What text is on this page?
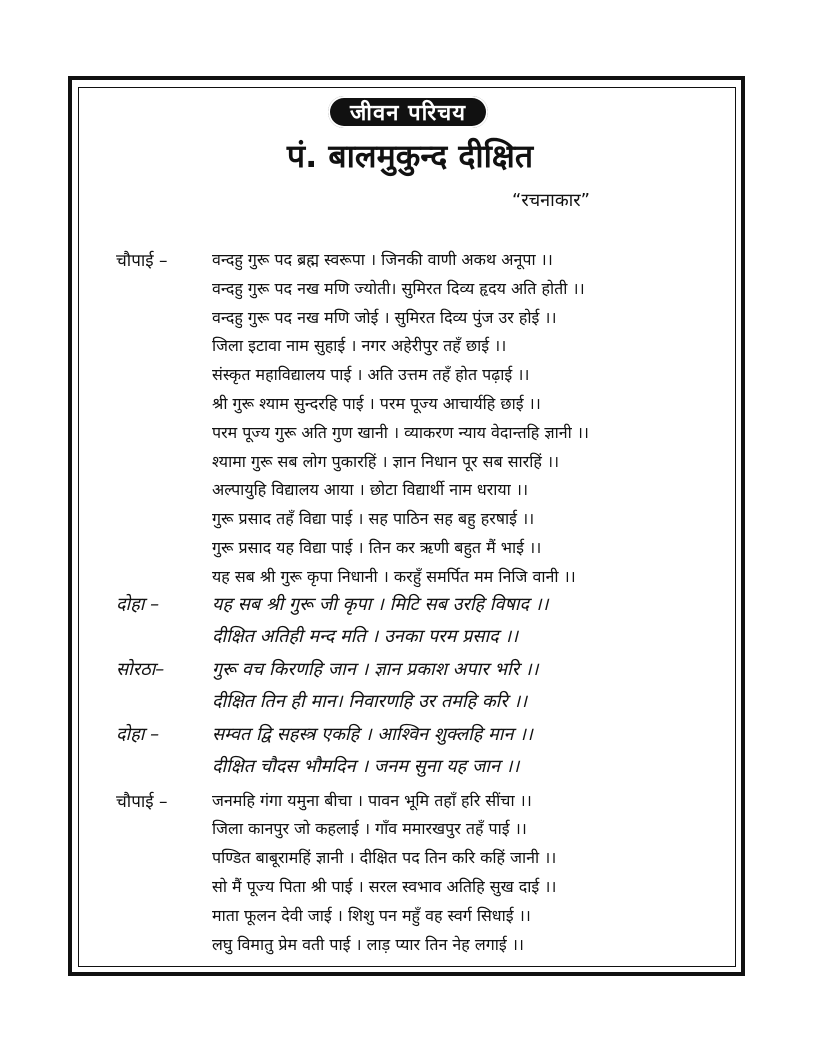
जीवन परिचय
पं. बालमुकुन्द दीक्षित
“रचनाकार”
चौपाई –	वन्दहु गुरू पद ब्रह्म स्वरूपा । जिनकी वाणी अकथ अनूपा ।।
वन्दहु गुरू पद नख मणि ज्योती। सुमिरत दिव्य हृदय अति होती ।।
वन्दहु गुरू पद नख मणि जोई । सुमिरत दिव्य पुंज उर होई ।।
जिला इटावा नाम सुहाई । नगर अहेरीपुर तहँ छाई ।।
संस्कृत महाविद्यालय पाई । अति उत्तम तहँ होत पढ़ाई ।।
श्री गुरू श्याम सुन्दरहि पाई । परम पूज्य आचार्यहि छाई ।।
परम पूज्य गुरू अति गुण खानी । व्याकरण न्याय वेदान्तहि ज्ञानी ।।
श्यामा गुरू सब लोग पुकारहिं । ज्ञान निधान पूर सब सारहिं ।।
अल्पायुहि विद्यालय आया । छोटा विद्यार्थी नाम धराया ।।
गुरू प्रसाद तहँ विद्या पाई । सह पाठिन सह बहु हरषाई ।।
गुरू प्रसाद यह विद्या पाई । तिन कर ऋणी बहुत मैं भाई ।।
यह सब श्री गुरू कृपा निधानी । करहुँ समर्पित मम निजि वानी ।।
दोहा –	यह सब श्री गुरू जी कृपा । मिटि सब उरहि विषाद ।।
दीक्षित अतिही मन्द मति । उनका परम प्रसाद ।।
सोरठा–	गुरू वच किरणहि जान । ज्ञान प्रकाश अपार भरि ।।
दीक्षित तिन ही मान। निवारणहि उर तमहि करि ।।
दोहा –	सम्वत द्वि सहस्त्र एकहि । आश्विन शुक्लहि मान ।।
दीक्षित चौदस भौमदिन । जनम सुना यह जान ।।
चौपाई –	जनमहि गंगा यमुना बीचा । पावन भूमि तहाँ हरि सींचा ।।
जिला कानपुर जो कहलाई । गाँव ममारखपुर तहँ पाई ।।
पण्डित बाबूरामहिं ज्ञानी । दीक्षित पद तिन करि कहिं जानी ।।
सो मैं पूज्य पिता श्री पाई । सरल स्वभाव अतिहि सुख दाई ।।
माता फूलन देवी जाई । शिशु पन महुँ वह स्वर्ग सिधाई ।।
लघु विमातु प्रेम वती पाई । लाड़ प्यार तिन नेह लगाई ।।
